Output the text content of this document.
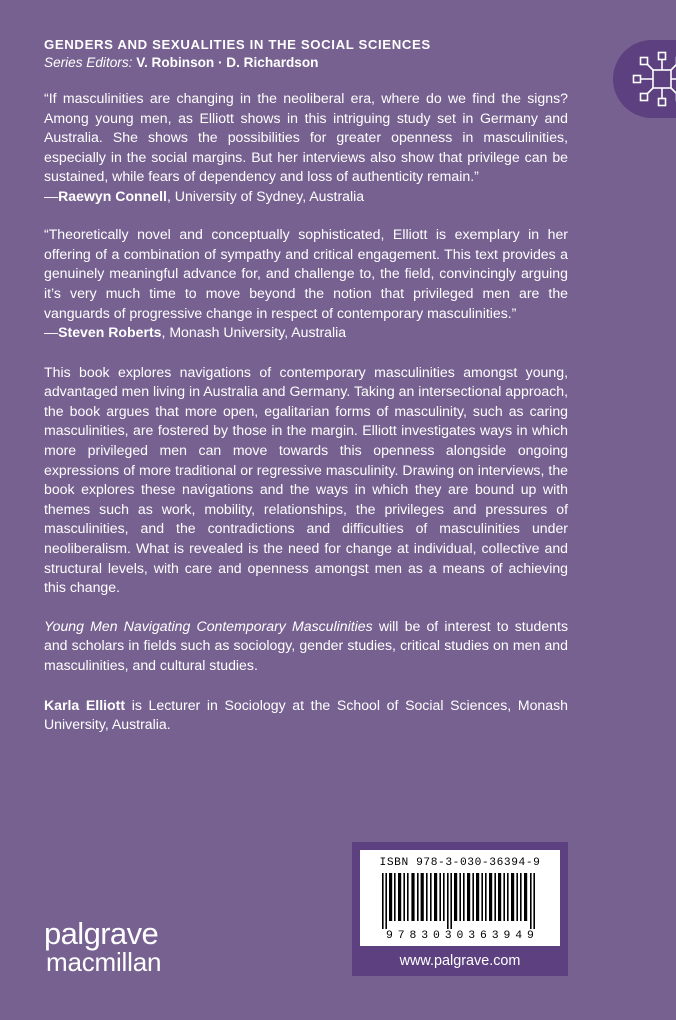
GENDERS AND SEXUALITIES IN THE SOCIAL SCIENCES

Series Editors: V. Robinson · D. Richardson

“If masculinities are changing in the neoliberal era, where do we find the signs? Among young men, as Elliott shows in this intriguing study set in Germany and Australia. She shows the possibilities for greater openness in masculinities, especially in the social margins. But her interviews also show that privilege can be sustained, while fears of dependency and loss of authenticity remain.”

—Raewyn Connell, University of Sydney, Australia

“Theoretically novel and conceptually sophisticated, Elliott is exemplary in her offering of a combination of sympathy and critical engagement. This text provides a genuinely meaningful advance for, and challenge to, the field, convincingly arguing it’s very much time to move beyond the notion that privileged men are the vanguards of progressive change in respect of contemporary masculinities.”

—Steven Roberts, Monash University, Australia

This book explores navigations of contemporary masculinities amongst young, advantaged men living in Australia and Germany. Taking an intersectional approach, the book argues that more open, egalitarian forms of masculinity, such as caring masculinities, are fostered by those in the margin. Elliott investigates ways in which more privileged men can move towards this openness alongside ongoing expressions of more traditional or regressive masculinity. Drawing on interviews, the book explores these navigations and the ways in which they are bound up with themes such as work, mobility, relationships, the privileges and pressures of masculinities, and the contradictions and difficulties of masculinities under neoliberalism. What is revealed is the need for change at individual, collective and structural levels, with care and openness amongst men as a means of achieving this change.

Young Men Navigating Contemporary Masculinities will be of interest to students and scholars in fields such as sociology, gender studies, critical studies on men and masculinities, and cultural studies.

Karla Elliott is Lecturer in Sociology at the School of Social Sciences, Monash University, Australia.

palgrave
macmillan

ISBN 978-3-030-36394-9

9 7 8 3 0 3 0 3 6 3 9 4 9
www.palgrave.com
